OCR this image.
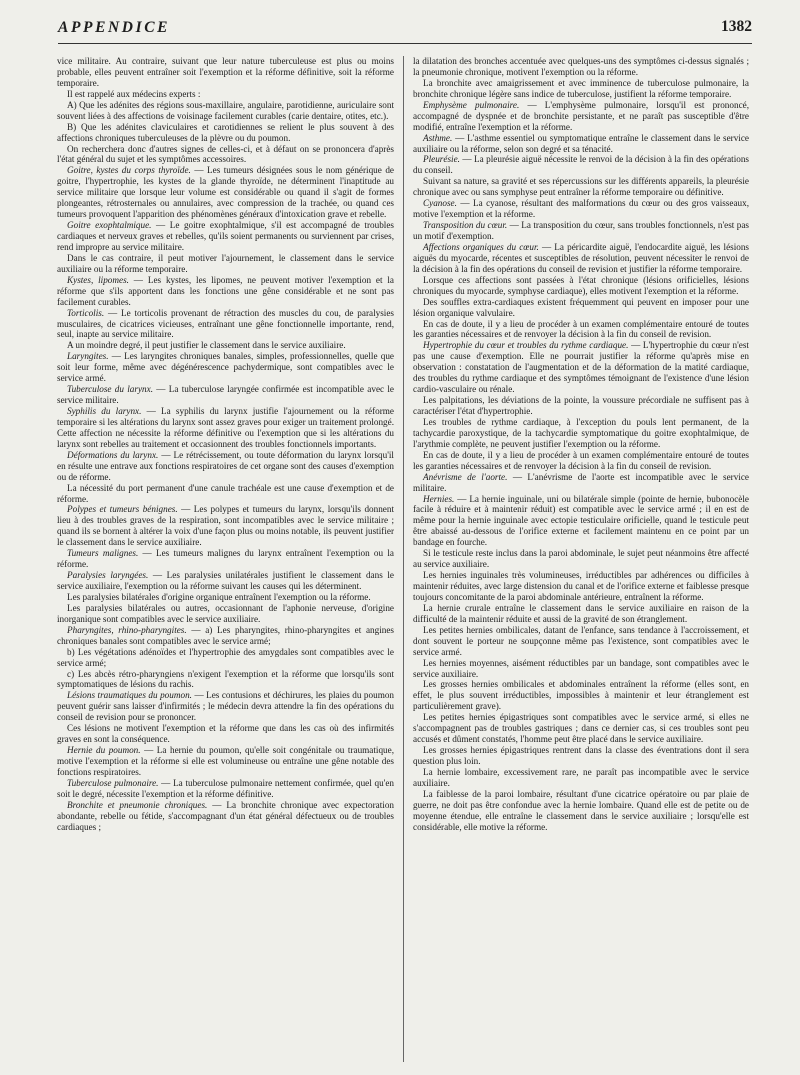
APPENDICE	1382

vice militaire. Au contraire, suivant que leur nature tuberculeuse est plus ou moins probable, elles peuvent entraîner soit l'exemption et la réforme définitive, soit la réforme temporaire.

Il est rappelé aux médecins experts :

A) Que les adénites des régions sous-maxillaire, angulaire, parotidienne, auriculaire sont souvent liées à des affections de voisinage facilement curables (carie dentaire, otites, etc.).

B) Que les adénites claviculaires et carotidiennes se relient le plus souvent à des affections chroniques tuberculeuses de la plèvre ou du poumon.

On recherchera donc d'autres signes de celles-ci, et à défaut on se prononcera d'après l'état général du sujet et les symptômes accessoires.

Goitre, kystes du corps thyroïde. — Les tumeurs désignées sous le nom générique de goitre, l'hypertrophie, les kystes de la glande thyroïde, ne déterminent l'inaptitude au service militaire que lorsque leur volume est considérable ou quand il s'agit de formes plongeantes, rétrosternales ou annulaires, avec compression de la trachée, ou quand ces tumeurs provoquent l'apparition des phénomènes généraux d'intoxication grave et rebelle.

Goitre exophtalmique. — Le goitre exophtalmique, s'il est accompagné de troubles cardiaques et nerveux graves et rebelles, qu'ils soient permanents ou surviennent par crises, rend impropre au service militaire.

Dans le cas contraire, il peut motiver l'ajournement, le classement dans le service auxiliaire ou la réforme temporaire.

Kystes, lipomes. — Les kystes, les lipomes, ne peuvent motiver l'exemption et la réforme que s'ils apportent dans les fonctions une gêne considérable et ne sont pas facilement curables.

Torticolis. — Le torticolis provenant de rétraction des muscles du cou, de paralysies musculaires, de cicatrices vicieuses, entraînant une gêne fonctionnelle importante, rend, seul, inapte au service militaire.

A un moindre degré, il peut justifier le classement dans le service auxiliaire.

Laryngites. — Les laryngites chroniques banales, simples, professionnelles, quelle que soit leur forme, même avec dégénérescence pachydermique, sont compatibles avec le service armé.

Tuberculose du larynx. — La tuberculose laryngée confirmée est incompatible avec le service militaire.

Syphilis du larynx. — La syphilis du larynx justifie l'ajournement ou la réforme temporaire si les altérations du larynx sont assez graves pour exiger un traitement prolongé. Cette affection ne nécessite la réforme définitive ou l'exemption que si les altérations du larynx sont rebelles au traitement et occasionnent des troubles fonctionnels importants.

Déformations du larynx. — Le rétrécissement, ou toute déformation du larynx lorsqu'il en résulte une entrave aux fonctions respiratoires de cet organe sont des causes d'exemption ou de réforme.

La nécessité du port permanent d'une canule trachéale est une cause d'exemption et de réforme.

Polypes et tumeurs bénignes. — Les polypes et tumeurs du larynx, lorsqu'ils donnent lieu à des troubles graves de la respiration, sont incompatibles avec le service militaire ; quand ils se bornent à altérer la voix d'une façon plus ou moins notable, ils peuvent justifier le classement dans le service auxiliaire.

Tumeurs malignes. — Les tumeurs malignes du larynx entraînent l'exemption ou la réforme.

Paralysies laryngées. — Les paralysies unilatérales justifient le classement dans le service auxiliaire, l'exemption ou la réforme suivant les causes qui les déterminent.

Les paralysies bilatérales d'origine organique entraînent l'exemption ou la réforme.

Les paralysies bilatérales ou autres, occasionnant de l'aphonie nerveuse, d'origine inorganique sont compatibles avec le service auxiliaire.

Pharyngites, rhino-pharyngites. — a) Les pharyngites, rhino-pharyngites et angines chroniques banales sont compatibles avec le service armé;

b) Les végétations adénoïdes et l'hypertrophie des amygdales sont compatibles avec le service armé;

c) Les abcès rétro-pharyngiens n'exigent l'exemption et la réforme que lorsqu'ils sont symptomatiques de lésions du rachis.

Lésions traumatiques du poumon. — Les contusions et déchirures, les plaies du poumon peuvent guérir sans laisser d'infirmités ; le médecin devra attendre la fin des opérations du conseil de revision pour se prononcer.

Ces lésions ne motivent l'exemption et la réforme que dans les cas où des infirmités graves en sont la conséquence.

Hernie du poumon. — La hernie du poumon, qu'elle soit congénitale ou traumatique, motive l'exemption et la réforme si elle est volumineuse ou entraîne une gêne notable des fonctions respiratoires.

Tuberculose pulmonaire. — La tuberculose pulmonaire nettement confirmée, quel qu'en soit le degré, nécessite l'exemption et la réforme définitive.

Bronchite et pneumonie chroniques. — La bronchite chronique avec expectoration abondante, rebelle ou fétide, s'accompagnant d'un état général défectueux ou de troubles cardiaques ;

la dilatation des bronches accentuée avec quelques-uns des symptômes ci-dessus signalés ; la pneumonie chronique, motivent l'exemption ou la réforme.

La bronchite avec amaigrissement et avec imminence de tuberculose pulmonaire, la bronchite chronique légère sans indice de tuberculose, justifient la réforme temporaire.

Emphysème pulmonaire. — L'emphysème pulmonaire, lorsqu'il est prononcé, accompagné de dyspnée et de bronchite persistante, et ne paraît pas susceptible d'être modifié, entraîne l'exemption et la réforme.

Asthme. — L'asthme essentiel ou symptomatique entraîne le classement dans le service auxiliaire ou la réforme, selon son degré et sa ténacité.

Pleurésie. — La pleurésie aiguë nécessite le renvoi de la décision à la fin des opérations du conseil.

Suivant sa nature, sa gravité et ses répercussions sur les différents appareils, la pleurésie chronique avec ou sans symphyse peut entraîner la réforme temporaire ou définitive.

Cyanose. — La cyanose, résultant des malformations du cœur ou des gros vaisseaux, motive l'exemption et la réforme.

Transposition du cœur. — La transposition du cœur, sans troubles fonctionnels, n'est pas un motif d'exemption.

Affections organiques du cœur. — La péricardite aiguë, l'endocardite aiguë, les lésions aiguës du myocarde, récentes et susceptibles de résolution, peuvent nécessiter le renvoi de la décision à la fin des opérations du conseil de revision et justifier la réforme temporaire.

Lorsque ces affections sont passées à l'état chronique (lésions orificielles, lésions chroniques du myocarde, symphyse cardiaque), elles motivent l'exemption et la réforme.

Des souffles extra-cardiaques existent fréquemment qui peuvent en imposer pour une lésion organique valvulaire.

En cas de doute, il y a lieu de procéder à un examen complémentaire entouré de toutes les garanties nécessaires et de renvoyer la décision à la fin du conseil de revision.

Hypertrophie du cœur et troubles du rythme cardiaque. — L'hypertrophie du cœur n'est pas une cause d'exemption. Elle ne pourrait justifier la réforme qu'après mise en observation : constatation de l'augmentation et de la déformation de la matité cardiaque, des troubles du rythme cardiaque et des symptômes témoignant de l'existence d'une lésion cardio-vasculaire ou rénale.

Les palpitations, les déviations de la pointe, la voussure précordiale ne suffisent pas à caractériser l'état d'hypertrophie.

Les troubles de rythme cardiaque, à l'exception du pouls lent permanent, de la tachycardie paroxystique, de la tachycardie symptomatique du goitre exophtalmique, de l'arythmie complète, ne peuvent justifier l'exemption ou la réforme.

En cas de doute, il y a lieu de procéder à un examen complémentaire entouré de toutes les garanties nécessaires et de renvoyer la décision à la fin du conseil de revision.

Anévrisme de l'aorte. — L'anévrisme de l'aorte est incompatible avec le service militaire.

Hernies. — La hernie inguinale, uni ou bilatérale simple (pointe de hernie, bubonocèle facile à réduire et à maintenir réduit) est compatible avec le service armé ; il en est de même pour la hernie inguinale avec ectopie testiculaire orificielle, quand le testicule peut être abaissé au-dessous de l'orifice externe et facilement maintenu en ce point par un bandage en fourche.

Si le testicule reste inclus dans la paroi abdominale, le sujet peut néanmoins être affecté au service auxiliaire.

Les hernies inguinales très volumineuses, irréductibles par adhérences ou difficiles à maintenir réduites, avec large distension du canal et de l'orifice externe et faiblesse presque toujours concomitante de la paroi abdominale antérieure, entraînent la réforme.

La hernie crurale entraîne le classement dans le service auxiliaire en raison de la difficulté de la maintenir réduite et aussi de la gravité de son étranglement.

Les petites hernies ombilicales, datant de l'enfance, sans tendance à l'accroissement, et dont souvent le porteur ne soupçonne même pas l'existence, sont compatibles avec le service armé.

Les hernies moyennes, aisément réductibles par un bandage, sont compatibles avec le service auxiliaire.

Les grosses hernies ombilicales et abdominales entraînent la réforme (elles sont, en effet, le plus souvent irréductibles, impossibles à maintenir et leur étranglement est particulièrement grave).

Les petites hernies épigastriques sont compatibles avec le service armé, si elles ne s'accompagnent pas de troubles gastriques ; dans ce dernier cas, si ces troubles sont peu accusés et dûment constatés, l'homme peut être placé dans le service auxiliaire.

Les grosses hernies épigastriques rentrent dans la classe des éventrations dont il sera question plus loin.

La hernie lombaire, excessivement rare, ne paraît pas incompatible avec le service auxiliaire.

La faiblesse de la paroi lombaire, résultant d'une cicatrice opératoire ou par plaie de guerre, ne doit pas être confondue avec la hernie lombaire. Quand elle est de petite ou de moyenne étendue, elle entraîne le classement dans le service auxiliaire ; lorsqu'elle est considérable, elle motive la réforme.
